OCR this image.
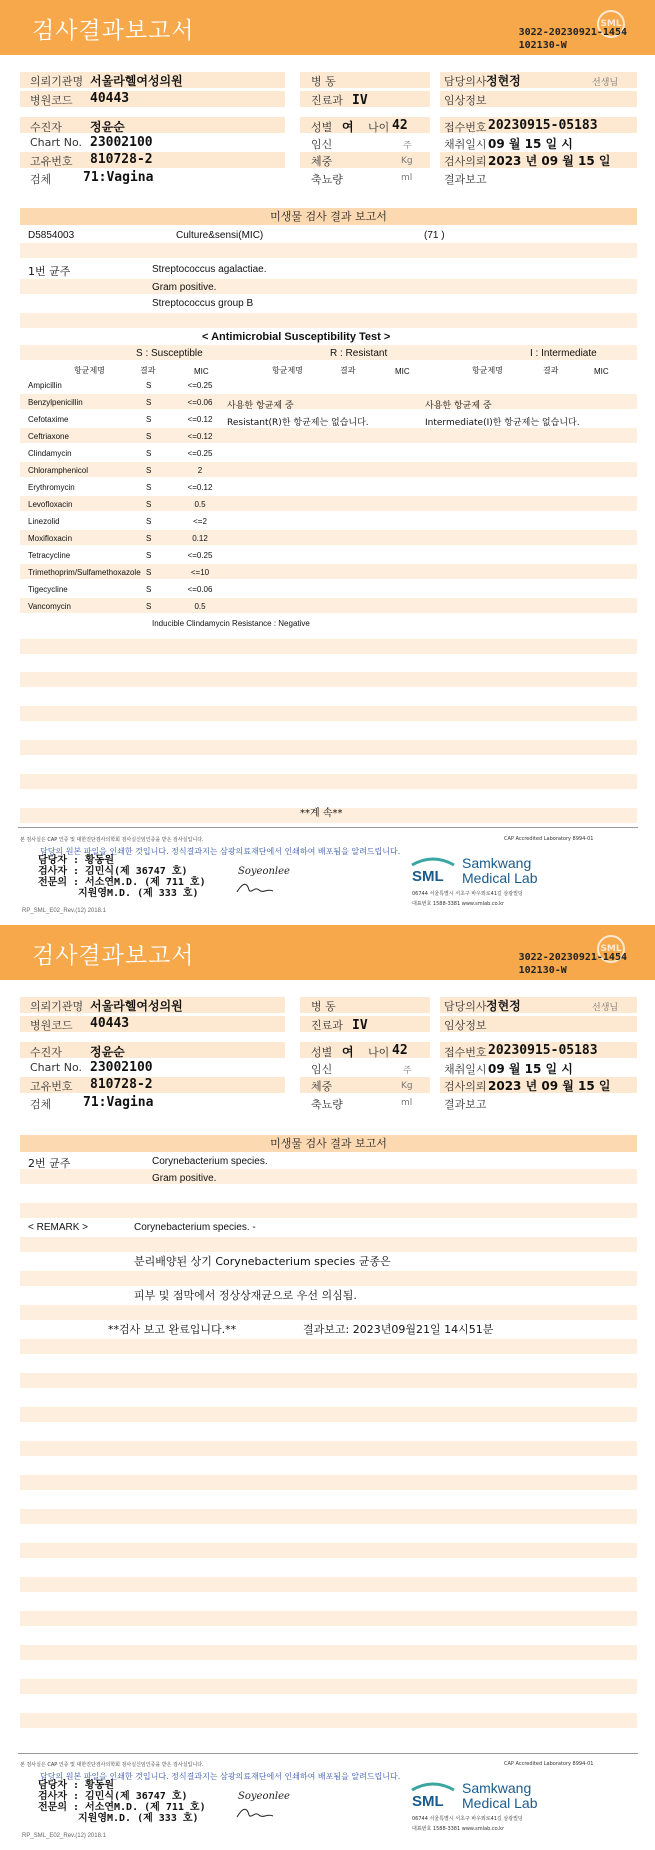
검사결과보고서	SML
3022-20230921-1454
102130-W
의뢰기관명 서울라헬여성의원
병원코드 40443
병 동
진료과 IV
담당의사 정현정	선생님
임상정보
수진자 정윤순
Chart No. 23002100
고유번호 810728-2
검체 71:Vagina
성별 여 나이 42
임신	주
체중	Kg
축뇨량	ml
접수번호 20230915-05183
채취일시 09 월 15 일 시
검사의뢰 2023 년 09 월 15 일
결과보고
미생물 검사 결과 보고서
D5854003	Culture&sensi(MIC)	(71 )
1번 균주	Streptococcus agalactiae.
Gram positive.
Streptococcus group B
< Antimicrobial Susceptibility Test >
S : Susceptible	R : Resistant	I : Intermediate
항균제명	결과	MIC	항균제명	결과	MIC	항균제명	결과	MIC
Ampicillin	S	<=0.25
Benzylpenicillin	S	<=0.06
Cefotaxime	S	<=0.12
Ceftriaxone	S	<=0.12
Clindamycin	S	<=0.25
Chloramphenicol	S	2
Erythromycin	S	<=0.12
Levofloxacin	S	0.5
Linezolid	S	<=2
Moxifloxacin	S	0.12
Tetracycline	S	<=0.25
Trimethoprim/Sulfamethoxazole S	<=10
Tigecycline	S	<=0.06
Vancomycin	S	0.5
사용한 항균제 중
Resistant(R)한 항균제는 없습니다.
사용한 항균제 중
Intermediate(I)한 항균제는 없습니다.
Inducible Clindamycin Resistance : Negative
**계 속**
본 검사실은 CAP 인증 및 대한진단검사의학회 검사실신임인증을 받은 검사실입니다.	CAP Accredited Laboratory 8994-01
담당의 원본 파일을 인쇄한 것입니다. 정식결과지는 삼광의료재단에서 인쇄하여 배포됨을 알려드립니다.
담당자 : 황동원
검사자 : 김민식(제 36747 호)
전문의 : 서소연M.D. (제 711 호)
지원영M.D. (제 333 호)
Soyeonlee	SML
Samkwang
Medical Lab
06744 서울특별시 서초구 바우뫼로41길 삼광빌딩
대표번호 1588-3381 www.smlab.co.kr
RP_SML_E02_Rev.(12) 2018.1
검사결과보고서	SML
3022-20230921-1454
102130-W
의뢰기관명 서울라헬여성의원
병원코드 40443
병 동
진료과 IV
담당의사 정현정	선생님
임상정보
수진자 정윤순
Chart No. 23002100
고유번호 810728-2
검체 71:Vagina
성별 여 나이 42
임신	주
체중	Kg
축뇨량	ml
접수번호 20230915-05183
채취일시 09 월 15 일 시
검사의뢰 2023 년 09 월 15 일
결과보고
미생물 검사 결과 보고서
2번 균주	Corynebacterium species.
Gram positive.
< REMARK >	Corynebacterium species. -
분리배양된 상기 Corynebacterium species 균종은
피부 및 점막에서 정상상재균으로 우선 의심됨.
**검사 보고 완료입니다.**	결과보고: 2023년09월21일 14시51분
본 검사실은 CAP 인증 및 대한진단검사의학회 검사실신임인증을 받은 검사실입니다.	CAP Accredited Laboratory 8994-01
담당의 원본 파일을 인쇄한 것입니다. 정식결과지는 삼광의료재단에서 인쇄하여 배포됨을 알려드립니다.
담당자 : 황동원
검사자 : 김민식(제 36747 호)
전문의 : 서소연M.D. (제 711 호)
지원영M.D. (제 333 호)
Soyeonlee	SML
Samkwang
Medical Lab
06744 서울특별시 서초구 바우뫼로41길 삼광빌딩
대표번호 1588-3381 www.smlab.co.kr
RP_SML_E02_Rev.(12) 2018.1
